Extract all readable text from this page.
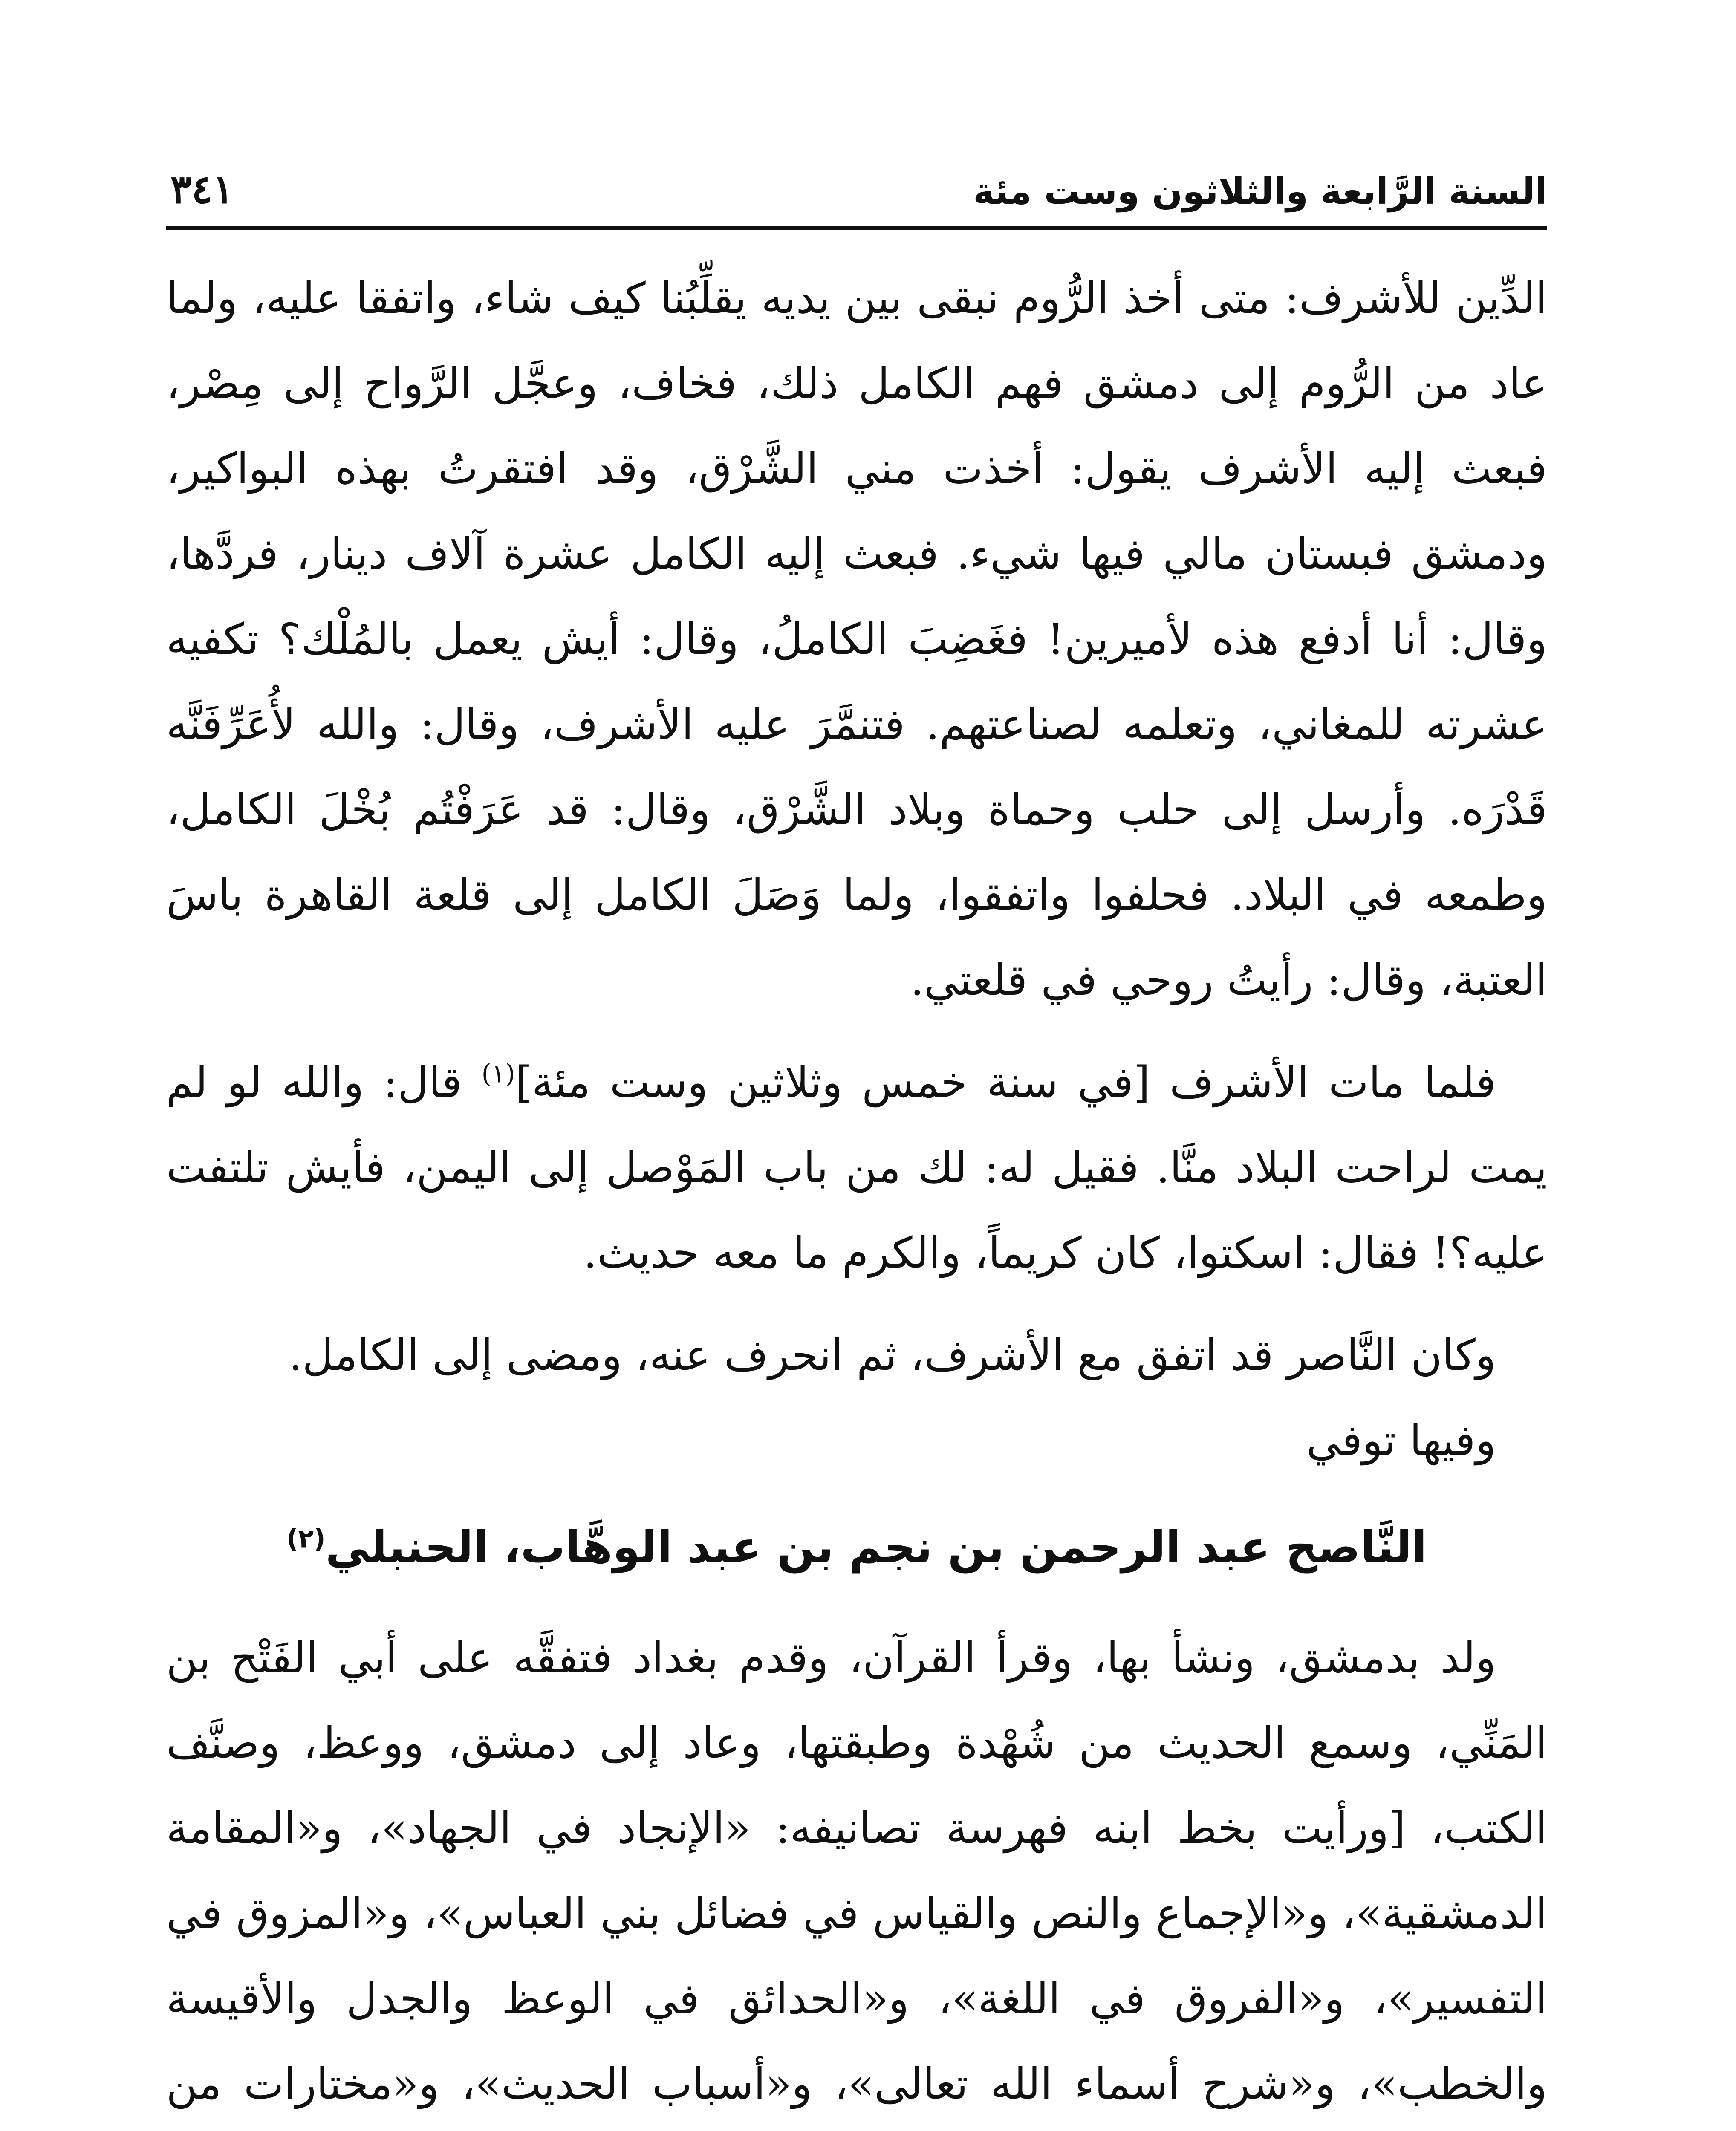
السنة الرَّابعة والثلاثون وست مئة
٣٤١

الدِّين للأشرف: متى أخذ الرُّوم نبقى بين يديه يقلِّبُنا كيف شاء، واتفقا عليه، ولما عاد من الرُّوم إلى دمشق فهم الكامل ذلك، فخاف، وعجَّل الرَّواح إلى مِصْر، فبعث إليه الأشرف يقول: أخذت مني الشَّرْق، وقد افتقرتُ بهذه البواكير، ودمشق فبستان مالي فيها شيء. فبعث إليه الكامل عشرة آلاف دينار، فردَّها، وقال: أنا أدفع هذه لأميرين! فغَضِبَ الكاملُ، وقال: أيش يعمل بالمُلْك؟ تكفيه عشرته للمغاني، وتعلمه لصناعتهم. فتنمَّرَ عليه الأشرف، وقال: والله لأُعَرِّفَنَّه قَدْرَه. وأرسل إلى حلب وحماة وبلاد الشَّرْق، وقال: قد عَرَفْتُم بُخْلَ الكامل، وطمعه في البلاد. فحلفوا واتفقوا، ولما وَصَلَ الكامل إلى قلعة القاهرة باسَ العتبة، وقال: رأيتُ روحي في قلعتي.

فلما مات الأشرف [في سنة خمس وثلاثين وست مئة]$^{(١)}$ قال: والله لو لم يمت لراحت البلاد منَّا. فقيل له: لك من باب المَوْصل إلى اليمن، فأيش تلتفت عليه؟! فقال: اسكتوا، كان كريماً، والكرم ما معه حديث.

وكان النَّاصر قد اتفق مع الأشرف، ثم انحرف عنه، ومضى إلى الكامل.

وفيها توفي

النَّاصح عبد الرحمن بن نجم بن عبد الوهَّاب، الحنبلي$^{(٢)}$

ولد بدمشق، ونشأ بها، وقرأ القرآن، وقدم بغداد فتفقَّه على أبي الفَتْح بن المَنِّي، وسمع الحديث من شُهْدة وطبقتها، وعاد إلى دمشق، ووعظ، وصنَّف الكتب، [ورأيت بخط ابنه فهرسة تصانيفه: «الإنجاد في الجهاد»، و«المقامة الدمشقية»، و«الإجماع والنص والقياس في فضائل بني العباس»، و«المزوق في التفسير»، و«الفروق في اللغة»، و«الحدائق في الوعظ والجدل والأقيسة والخطب»، و«شرح أسماء الله تعالى»، و«أسباب الحديث»، و«مختارات من
